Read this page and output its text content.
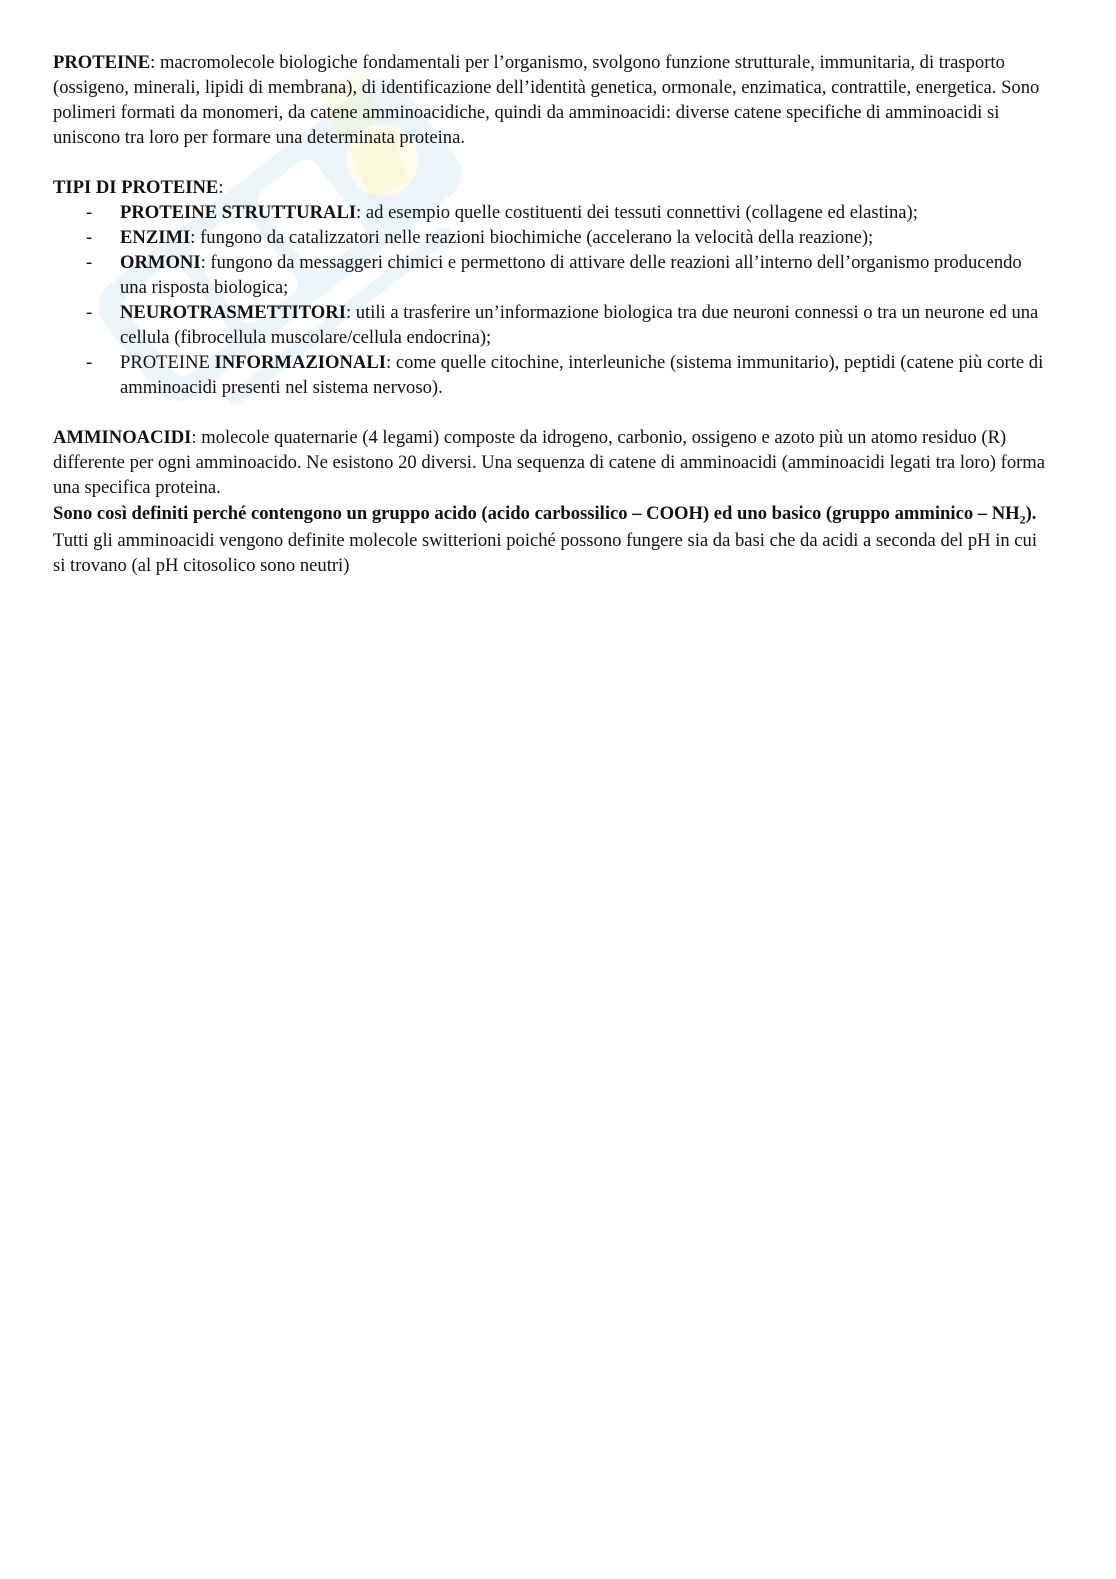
PROTEINE: macromolecole biologiche fondamentali per l’organismo, svolgono funzione strutturale, immunitaria, di trasporto (ossigeno, minerali, lipidi di membrana), di identificazione dell’identità genetica, ormonale, enzimatica, contrattile, energetica. Sono polimeri formati da monomeri, da catene amminoacidiche, quindi da amminoacidi: diverse catene specifiche di amminoacidi si uniscono tra loro per formare una determinata proteina.

TIPI DI PROTEINE:

- PROTEINE STRUTTURALI: ad esempio quelle costituenti dei tessuti connettivi (collagene ed elastina);
- ENZIMI: fungono da catalizzatori nelle reazioni biochimiche (accelerano la velocità della reazione);
- ORMONI: fungono da messaggeri chimici e permettono di attivare delle reazioni all’interno dell’organismo producendo una risposta biologica;
- NEUROTRASMETTITORI: utili a trasferire un’informazione biologica tra due neuroni connessi o tra un neurone ed una cellula (fibrocellula muscolare/cellula endocrina);
- PROTEINE INFORMAZIONALI: come quelle citochine, interleuniche (sistema immunitario), peptidi (catene più corte di amminoacidi presenti nel sistema nervoso).

AMMINOACIDI: molecole quaternarie (4 legami) composte da idrogeno, carbonio, ossigeno e azoto più un atomo residuo (R) differente per ogni amminoacido. Ne esistono 20 diversi. Una sequenza di catene di amminoacidi (amminoacidi legati tra loro) forma una specifica proteina.

Sono così definiti perché contengono un gruppo acido (acido carbossilico – COOH) ed uno basico (gruppo amminico – $NH_2$).

Tutti gli amminoacidi vengono definite molecole switterioni poiché possono fungere sia da basi che da acidi a seconda del pH in cui si trovano (al pH citosolico sono neutri)
